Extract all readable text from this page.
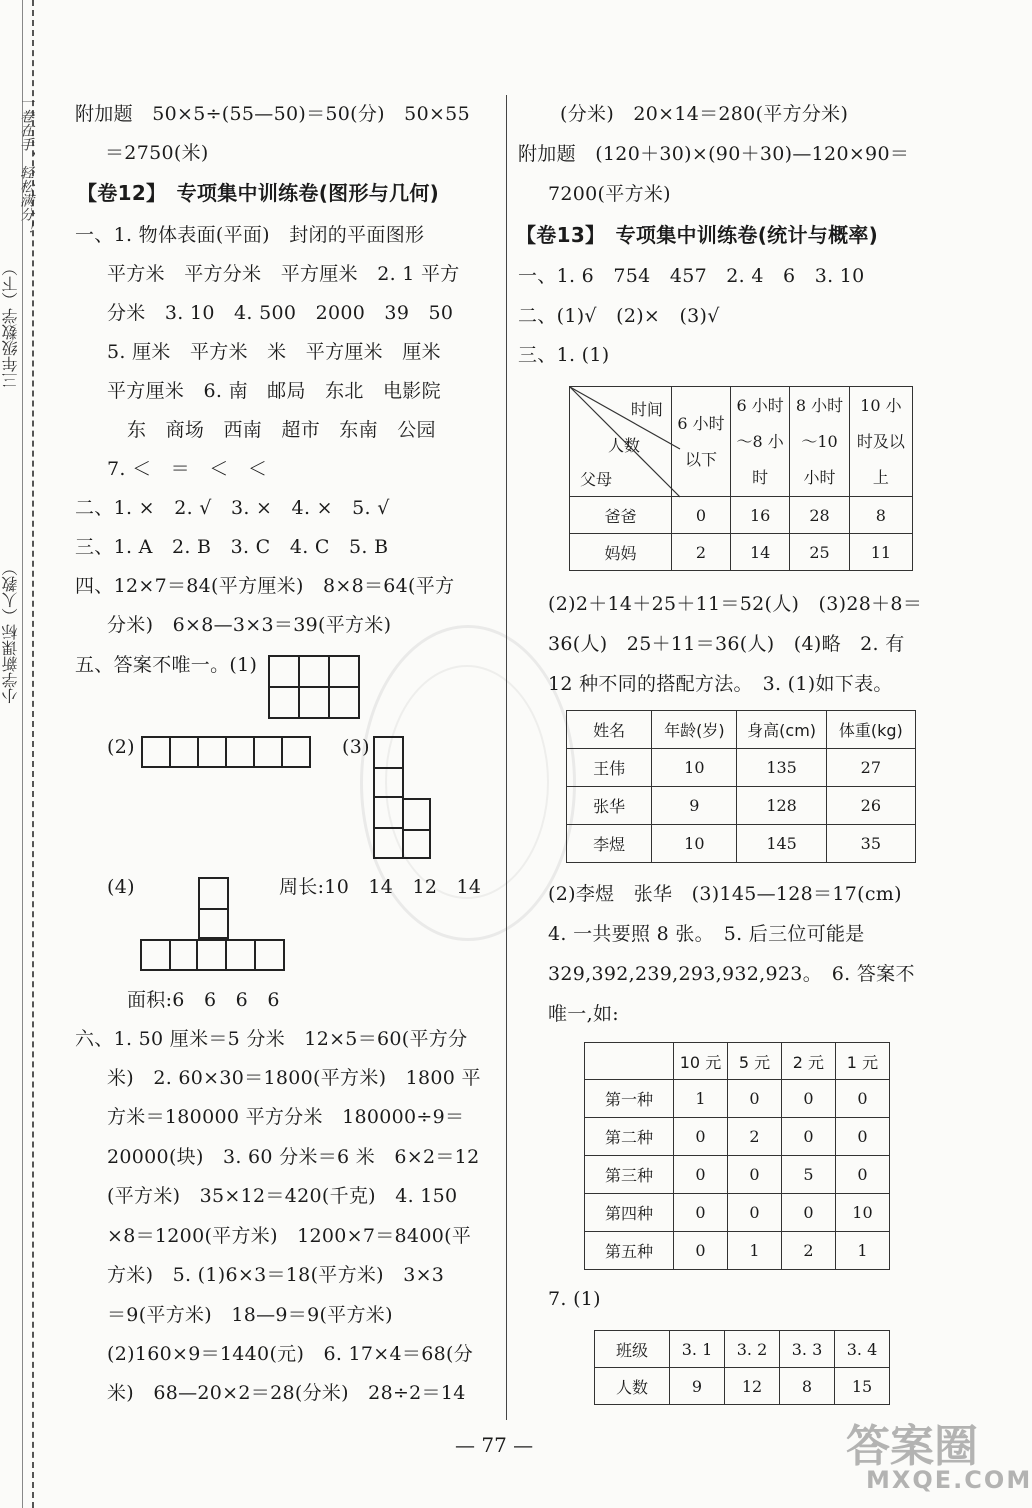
一卷在手，轻松满分！
三年级数学（下）
小学新课标（人教）
附加题　50×5÷(55—50)＝50(分)　50×55
＝2750(米)
【卷12】　专项集中训练卷(图形与几何)
一、1. 物体表面(平面)　封闭的平面图形
平方米　平方分米　平方厘米　2. 1 平方
分米　3. 10　4. 500　2000　39　50
5. 厘米　平方米　米　平方厘米　厘米
平方厘米　6. 南　邮局　东北　电影院
东　商场　西南　超市　东南　公园
7. ＜　＝　＜　＜
二、1. ×　2. √　3. ×　4. ×　5. √
三、1. A　2. B　3. C　4. C　5. B
四、12×7＝84(平方厘米)　8×8＝64(平方
分米)　6×8—3×3＝39(平方米)
五、答案不唯一。(1)

(2)
						(3)
(4)	周长:10　14　12　14
面积:6　6　6　6
六、1. 50 厘米＝5 分米　12×5＝60(平方分
米)　2. 60×30＝1800(平方米)　1800 平
方米＝180000 平方分米　180000÷9＝
20000(块)　3. 60 分米＝6 米　6×2＝12
(平方米)　35×12＝420(千克)　4. 150
×8＝1200(平方米)　1200×7＝8400(平
方米)　5. (1)6×3＝18(平方米)　3×3
＝9(平方米)　18—9＝9(平方米)
(2)160×9＝1440(元)　6. 17×4＝68(分
米)　68—20×2＝28(分米)　28÷2＝14
(分米)　20×14＝280(平方分米)
附加题　(120＋30)×(90＋30)—120×90＝
7200(平方米)
【卷13】　专项集中训练卷(统计与概率)
一、1. 6　754　457　2. 4　6　3. 10
二、(1)√　(2)×　(3)√
三、1. (1)
时间
人数
父母	6 小时以下	6 小时～8 小时	8 小时～10 小时	10 小时及以上
爸爸	0	16	28	8
妈妈	2	14	25	11
(2)2＋14＋25＋11＝52(人)　(3)28＋8＝
36(人)　25＋11＝36(人)　(4)略　2. 有
12 种不同的搭配方法。　3. (1)如下表。
姓名	年龄(岁)	身高(cm)	体重(kg)
王伟	10	135	27
张华	9	128	26
李煜	10	145	35
(2)李煜　张华　(3)145—128＝17(cm)
4. 一共要照 8 张。　5. 后三位可能是
329,392,239,293,932,923。　6. 答案不
唯一,如:
	10 元	5 元	2 元	1 元
第一种	1	0	0	0
第二种	0	2	0	0
第三种	0	0	5	0
第四种	0	0	0	10
第五种	0	1	2	1
7. (1)
班级	3. 1	3. 2	3. 3	3. 4
人数	9	12	8	15
— 77 —	答案圈
MXQE.COM
